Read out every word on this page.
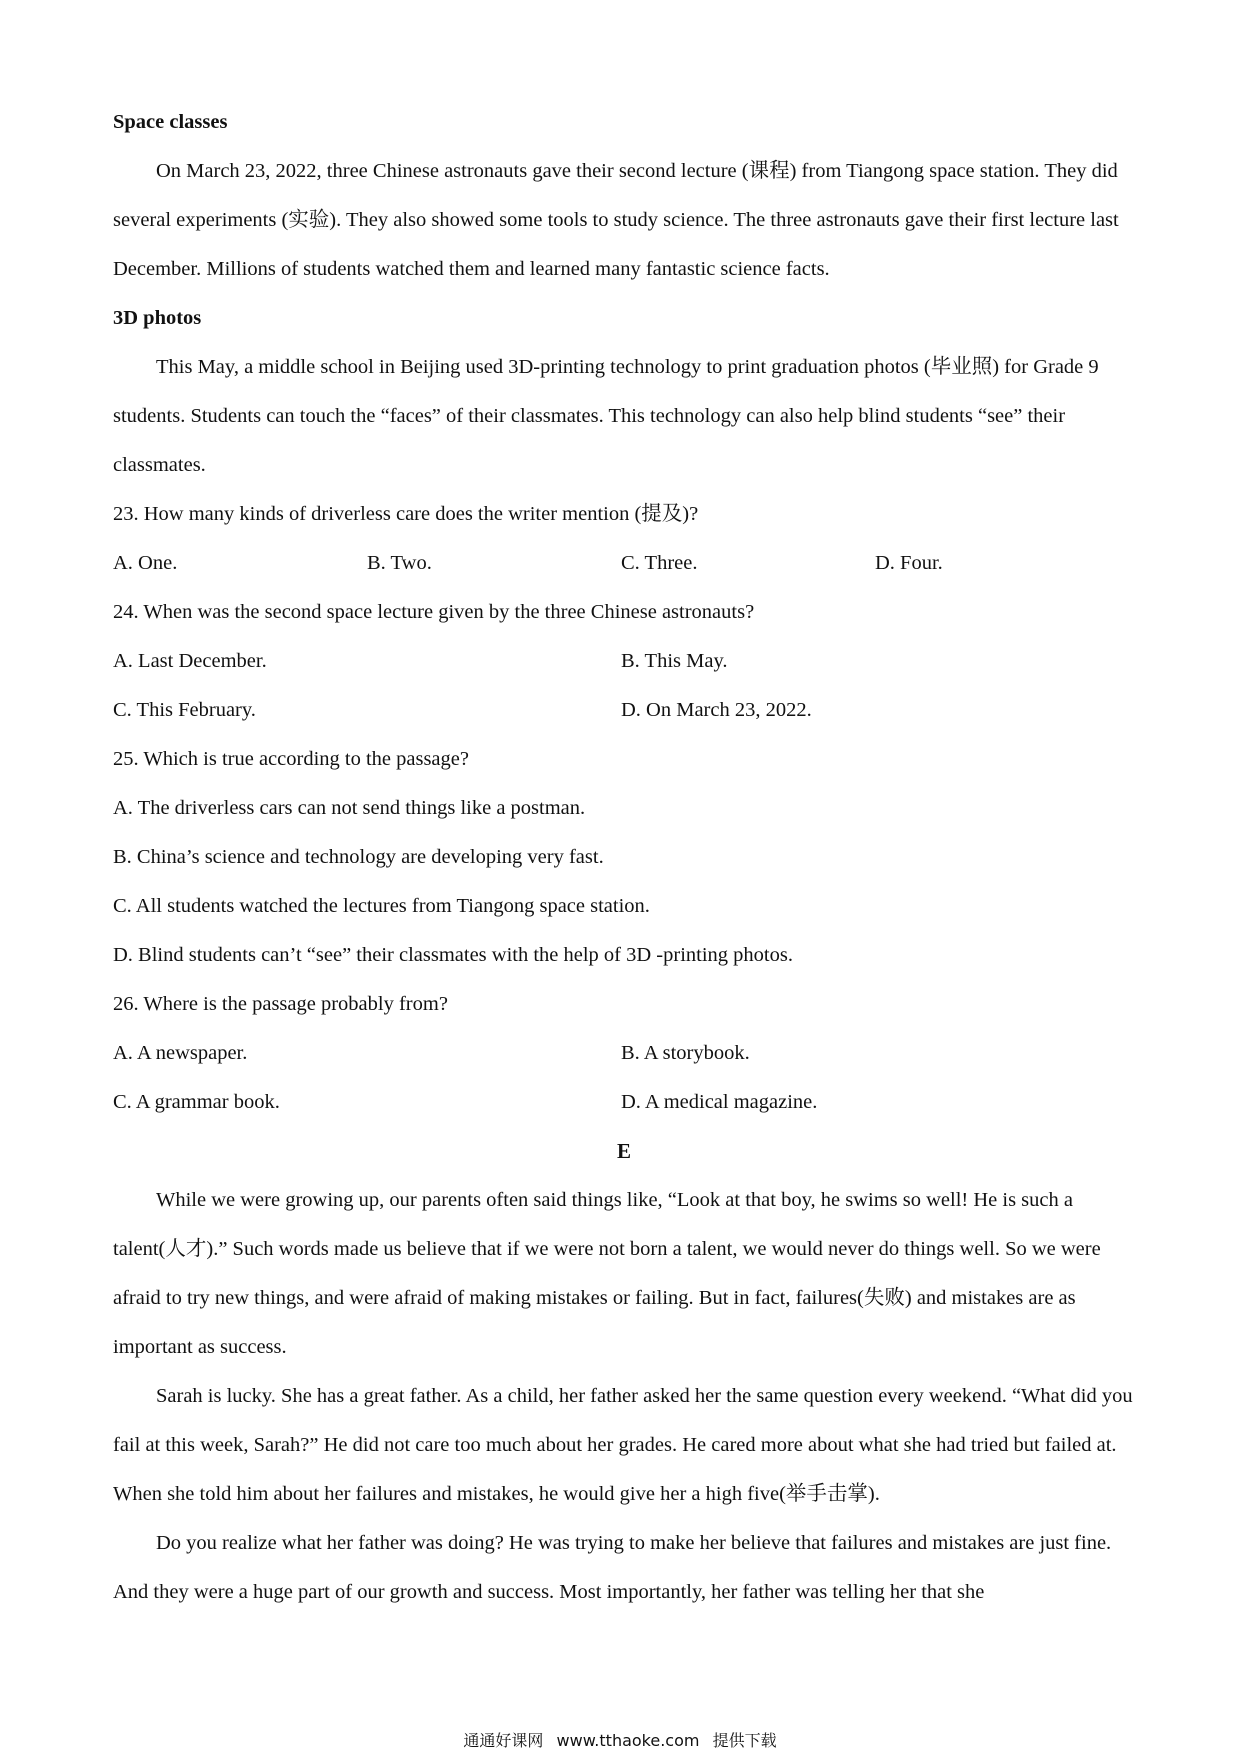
Space classes

On March 23, 2022, three Chinese astronauts gave their second lecture (课程) from Tiangong space station. They did several experiments (实验). They also showed some tools to study science. The three astronauts gave their first lecture last December. Millions of students watched them and learned many fantastic science facts.

3D photos

This May, a middle school in Beijing used 3D-printing technology to print graduation photos (毕业照) for Grade 9 students. Students can touch the “faces” of their classmates. This technology can also help blind students “see” their classmates.

23. How many kinds of driverless care does the writer mention (提及)?
A. One.	B. Two.	C. Three.	D. Four.
24. When was the second space lecture given by the three Chinese astronauts?
A. Last December.	B. This May.
C. This February.	D. On March 23, 2022.
25. Which is true according to the passage?
A. The driverless cars can not send things like a postman.
B. China’s science and technology are developing very fast.
C. All students watched the lectures from Tiangong space station.
D. Blind students can’t “see” their classmates with the help of 3D -printing photos.
26. Where is the passage probably from?
A. A newspaper.	B. A storybook.
C. A grammar book.	D. A medical magazine.
E

While we were growing up, our parents often said things like, “Look at that boy, he swims so well! He is such a talent(人才).” Such words made us believe that if we were not born a talent, we would never do things well. So we were afraid to try new things, and were afraid of making mistakes or failing. But in fact, failures(失败) and mistakes are as important as success.

Sarah is lucky. She has a great father. As a child, her father asked her the same question every weekend. “What did you fail at this week, Sarah?” He did not care too much about her grades. He cared more about what she had tried but failed at. When she told him about her failures and mistakes, he would give her a high five(举手击掌).

Do you realize what her father was doing? He was trying to make her believe that failures and mistakes are just fine. And they were a huge part of our growth and success. Most importantly, her father was telling her that she

通通好课网 www.tthaoke.com 提供下载
